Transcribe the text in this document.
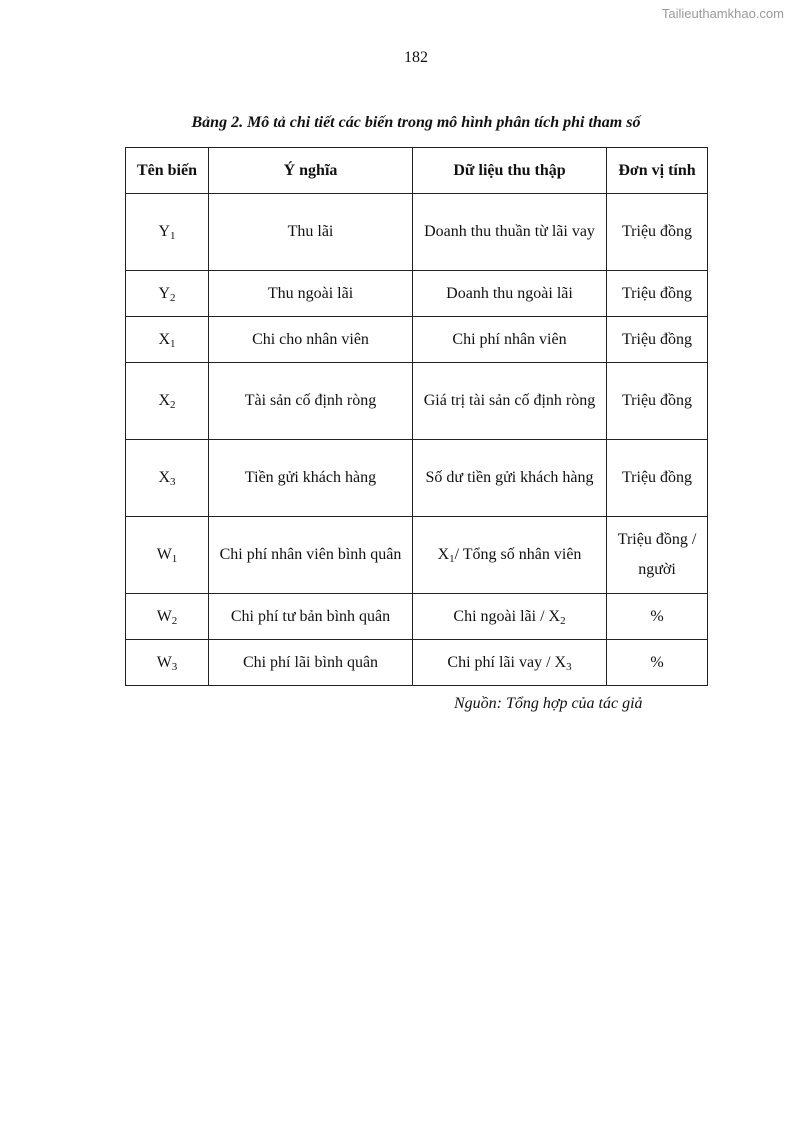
Tailieuthamkhao.com
182
Bảng 2. Mô tả chi tiết các biến trong mô hình phân tích phi tham số
Tên biến	Ý nghĩa	Dữ liệu thu thập	Đơn vị tính
$Y_1$	Thu lãi	Doanh thu thuần từ lãi vay	Triệu đồng
$Y_2$	Thu ngoài lãi	Doanh thu ngoài lãi	Triệu đồng
$X_1$	Chi cho nhân viên	Chi phí nhân viên	Triệu đồng
$X_2$	Tài sản cố định ròng	Giá trị tài sản cố định ròng	Triệu đồng
$X_3$	Tiền gửi khách hàng	Số dư tiền gửi khách hàng	Triệu đồng
$W_1$	Chi phí nhân viên bình quân	$X_1/$ Tổng số nhân viên	Triệu đồng / người
$W_2$	Chi phí tư bản bình quân	Chi ngoài lãi / $X_2$	%
$W_3$	Chi phí lãi bình quân	Chi phí lãi vay / $X_3$	%
Nguồn: Tổng hợp của tác giả
